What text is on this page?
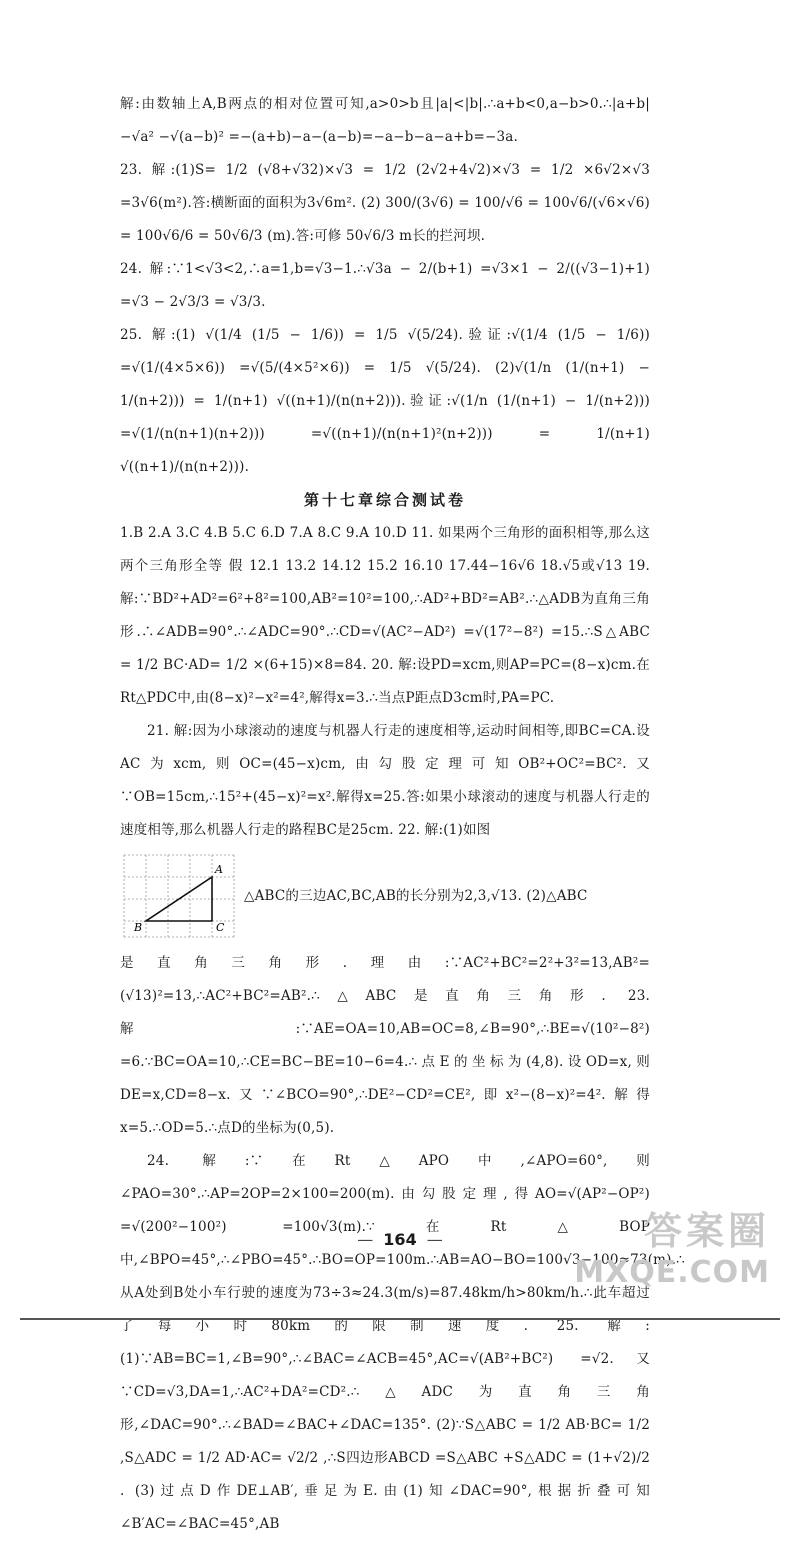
解:由数轴上A,B两点的相对位置可知,a>0>b且|a|<|b|.∴a+b<0,a−b>0.∴|a+b|−√a² −√(a−b)² =−(a+b)−a−(a−b)=−a−b−a−a+b=−3a.

23. 解:(1)S= 1/2 (√8+√32)×√3 = 1/2 (2√2+4√2)×√3 = 1/2 ×6√2×√3 =3√6(m²).答:横断面的面积为3√6m². (2) 300/(3√6) = 100/√6 = 100√6/(√6×√6) = 100√6/6 = 50√6/3 (m).答:可修 50√6/3 m长的拦河坝.

24. 解:∵1<√3<2,∴a=1,b=√3−1.∴√3a − 2/(b+1) =√3×1 − 2/((√3−1)+1) =√3 − 2√3/3 = √3/3.

25. 解:(1) √(1/4 (1/5 − 1/6)) = 1/5 √(5/24).验证:√(1/4 (1/5 − 1/6)) =√(1/(4×5×6)) =√(5/(4×5²×6)) = 1/5 √(5/24). (2)√(1/n (1/(n+1) − 1/(n+2))) = 1/(n+1) √((n+1)/(n(n+2))).验证:√(1/n (1/(n+1) − 1/(n+2))) =√(1/(n(n+1)(n+2))) =√((n+1)/(n(n+1)²(n+2))) = 1/(n+1) √((n+1)/(n(n+2))).

第十七章综合测试卷

1.B 2.A 3.C 4.B 5.C 6.D 7.A 8.C 9.A 10.D 11. 如果两个三角形的面积相等,那么这两个三角形全等 假 12.1 13.2 14.12 15.2 16.10 17.44−16√6 18.√5或√13 19. 解:∵BD²+AD²=6²+8²=100,AB²=10²=100,∴AD²+BD²=AB².∴△ADB为直角三角形.∴∠ADB=90°.∴∠ADC=90°.∴CD=√(AC²−AD²) =√(17²−8²) =15.∴S△ABC = 1/2 BC·AD= 1/2 ×(6+15)×8=84. 20. 解:设PD=xcm,则AP=PC=(8−x)cm.在Rt△PDC中,由(8−x)²−x²=4²,解得x=3.∴当点P距点D3cm时,PA=PC.

21. 解:因为小球滚动的速度与机器人行走的速度相等,运动时间相等,即BC=CA.设AC为xcm,则OC=(45−x)cm,由勾股定理可知OB²+OC²=BC².又∵OB=15cm,∴15²+(45−x)²=x².解得x=25.答:如果小球滚动的速度与机器人行走的速度相等,那么机器人行走的路程BC是25cm. 22. 解:(1)如图

A
B	C
△ABC的三边AC,BC,AB的长分别为2,3,√13. (2)△ABC

是直角三角形.理由:∵AC²+BC²=2²+3²=13,AB²=(√13)²=13,∴AC²+BC²=AB².∴△ABC是直角三角形. 23. 解:∵AE=OA=10,AB=OC=8,∠B=90°,∴BE=√(10²−8²) =6.∵BC=OA=10,∴CE=BC−BE=10−6=4.∴点E的坐标为(4,8).设OD=x,则DE=x,CD=8−x.又∵∠BCO=90°,∴DE²−CD²=CE²,即x²−(8−x)²=4².解得x=5.∴OD=5.∴点D的坐标为(0,5).

24. 解:∵在Rt△APO中,∠APO=60°,则∠PAO=30°.∴AP=2OP=2×100=200(m).由勾股定理,得AO=√(AP²−OP²) =√(200²−100²) =100√3(m).∵在Rt△BOP中,∠BPO=45°,∴∠PBO=45°.∴BO=OP=100m.∴AB=AO−BO=100√3−100≈73(m).∴从A处到B处小车行驶的速度为73÷3≈24.3(m/s)=87.48km/h>80km/h.∴此车超过了每小时80km的限制速度. 25. 解:(1)∵AB=BC=1,∠B=90°,∴∠BAC=∠ACB=45°,AC=√(AB²+BC²) =√2.又∵CD=√3,DA=1,∴AC²+DA²=CD².∴△ADC为直角三角形,∠DAC=90°.∴∠BAD=∠BAC+∠DAC=135°. (2)∵S△ABC = 1/2 AB·BC= 1/2 ,S△ADC = 1/2 AD·AC= √2/2 ,∴S四边形ABCD =S△ABC +S△ADC = (1+√2)/2 . (3)过点D作DE⊥AB′,垂足为E.由(1)知∠DAC=90°,根据折叠可知∠B′AC=∠BAC=45°,AB

— 164 —	答案圈
MXQE.COM
